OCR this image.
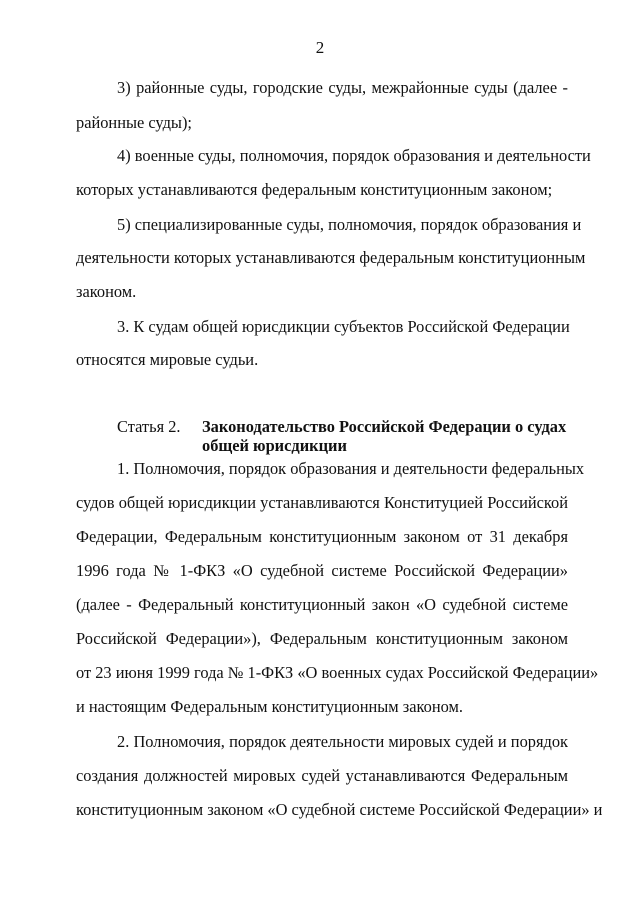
2
3) районные суды, городские суды, межрайонные суды (далее -
районные суды);
4) военные суды, полномочия, порядок образования и деятельности
которых устанавливаются федеральным конституционным законом;
5) специализированные суды, полномочия, порядок образования и
деятельности которых устанавливаются федеральным конституционным
законом.
3. К судам общей юрисдикции субъектов Российской Федерации
относятся мировые судьи.
Статья 2. Законодательство Российской Федерации о судах
общей юрисдикции
1. Полномочия, порядок образования и деятельности федеральных
судов общей юрисдикции устанавливаются Конституцией Российской
Федерации, Федеральным конституционным законом от 31 декабря
1996 года № 1-ФКЗ «О судебной системе Российской Федерации»
(далее - Федеральный конституционный закон «О судебной системе
Российской Федерации»), Федеральным конституционным законом
от 23 июня 1999 года № 1-ФКЗ «О военных судах Российской Федерации»
и настоящим Федеральным конституционным законом.
2. Полномочия, порядок деятельности мировых судей и порядок
создания должностей мировых судей устанавливаются Федеральным
конституционным законом «О судебной системе Российской Федерации» и
